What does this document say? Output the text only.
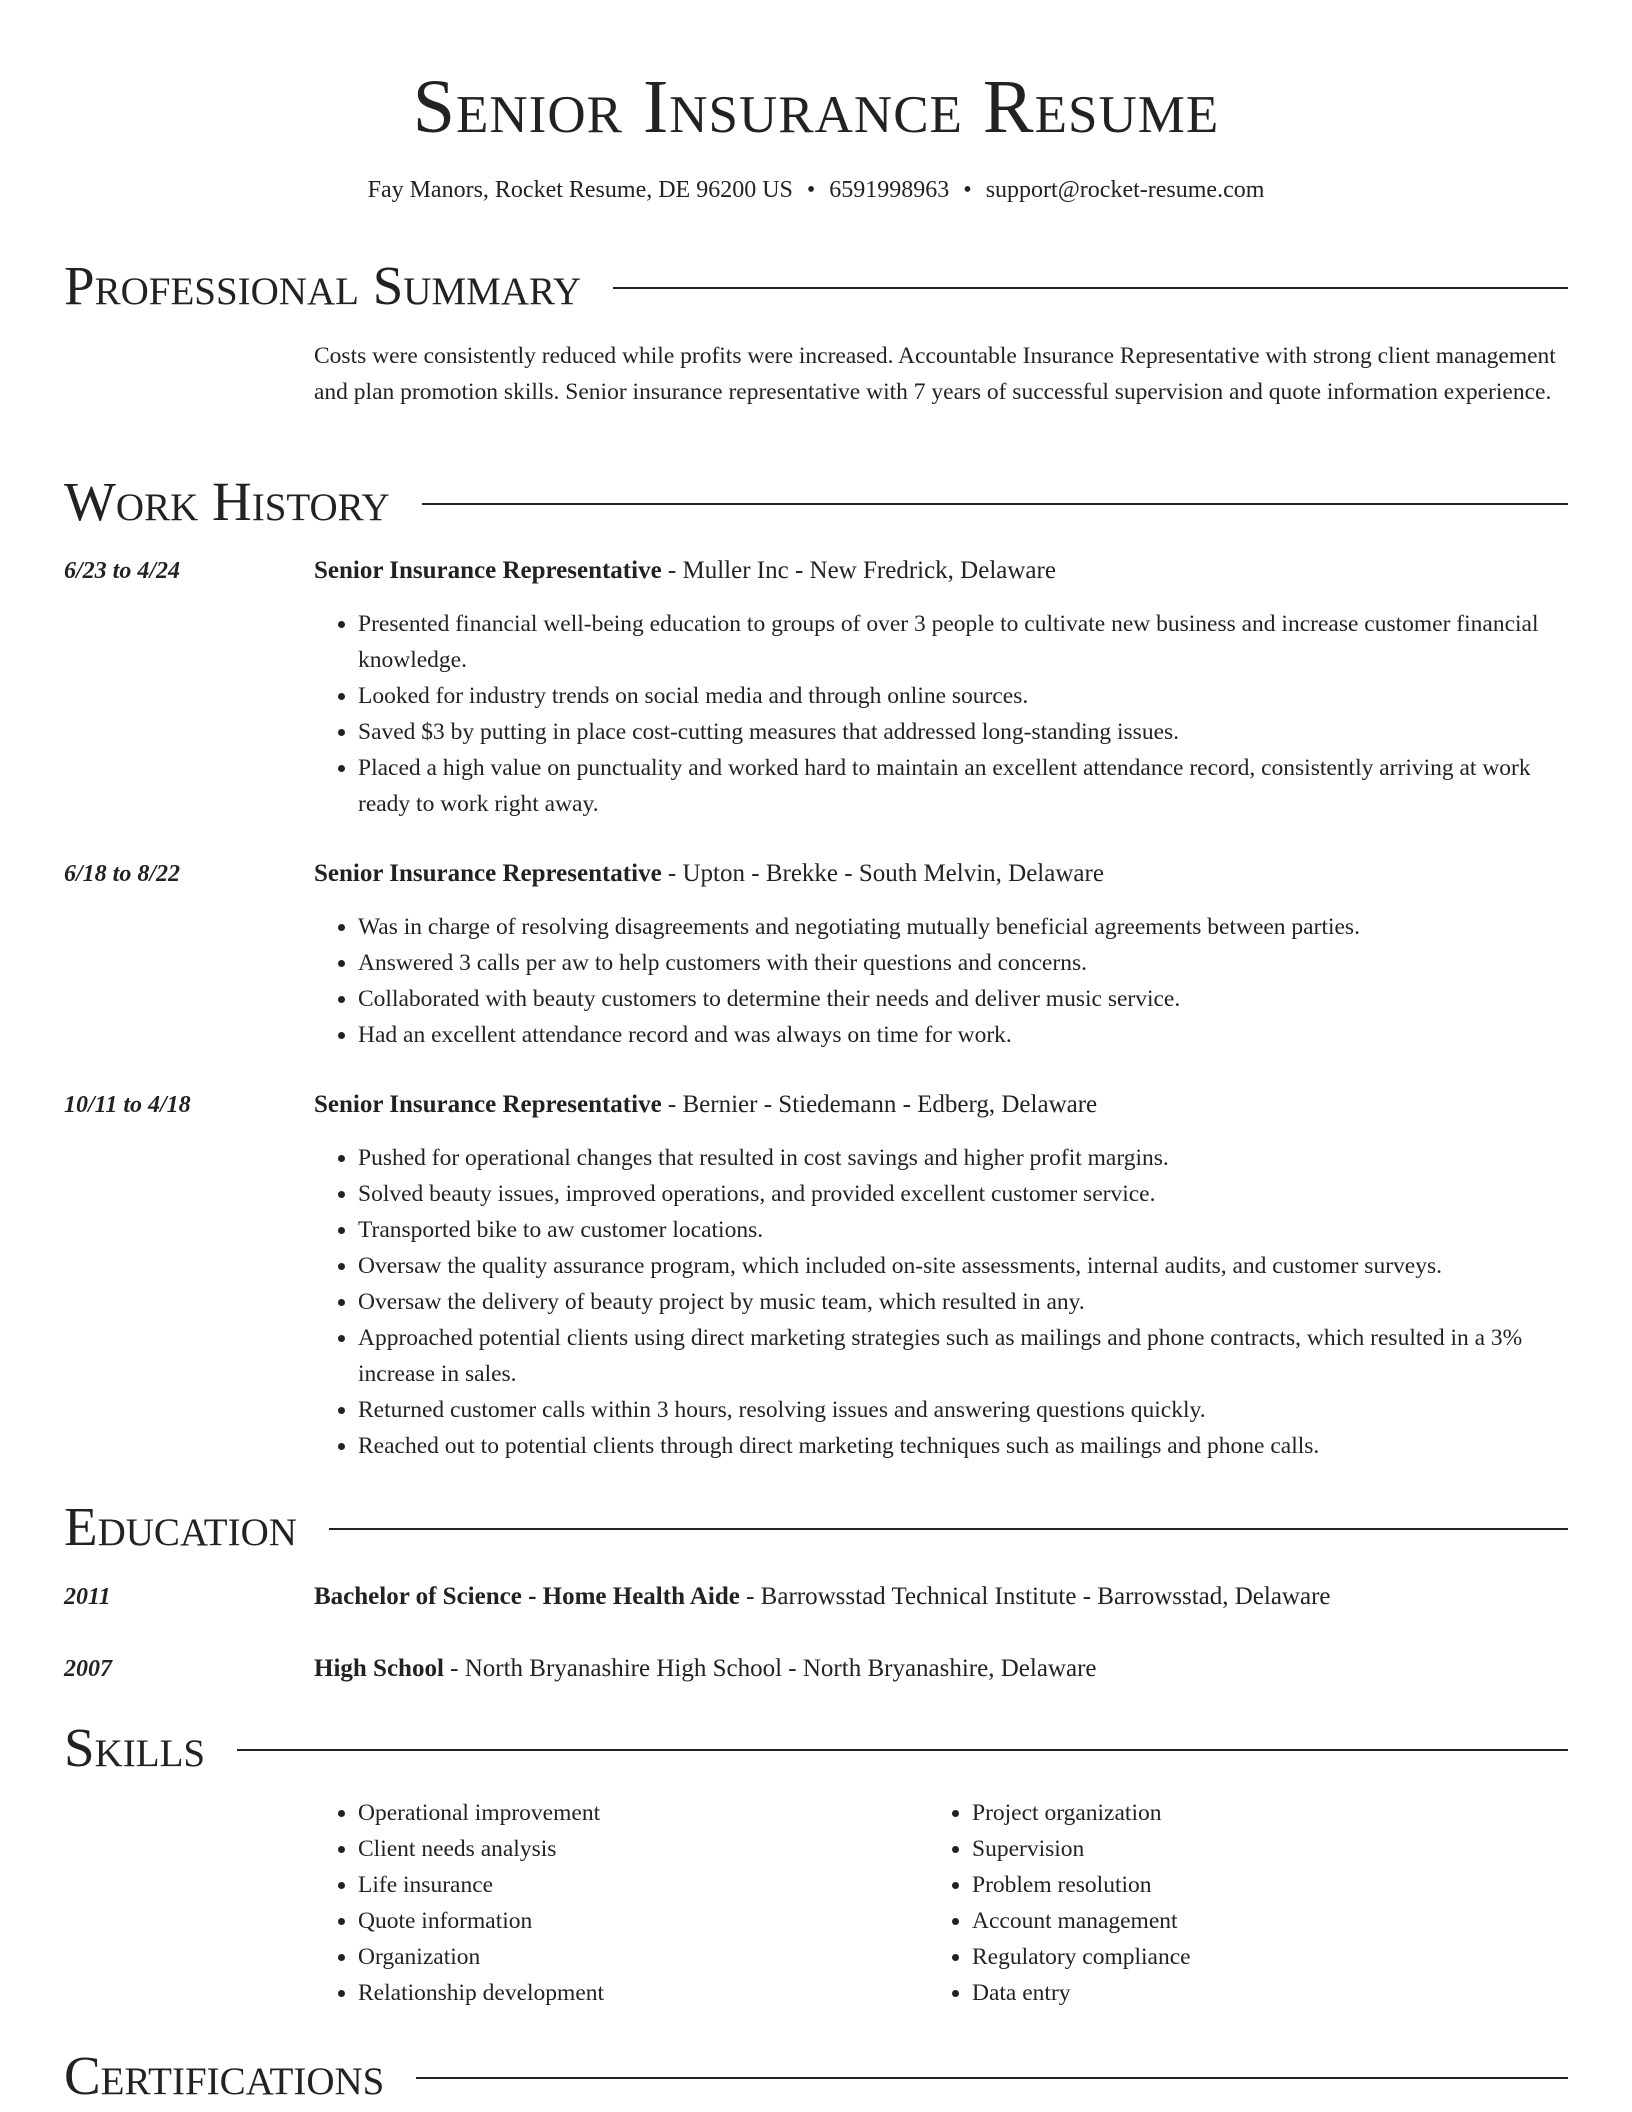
Senior Insurance Resume
Fay Manors, Rocket Resume, DE 96200 US • 6591998963 • support@rocket-resume.com
Professional Summary
Costs were consistently reduced while profits were increased. Accountable Insurance Representative with strong client management and plan promotion skills. Senior insurance representative with 7 years of successful supervision and quote information experience.
Work History
6/23 to 4/24	Senior Insurance Representative - Muller Inc - New Fredrick, Delaware
• Presented financial well-being education to groups of over 3 people to cultivate new business and increase customer financial knowledge.
• Looked for industry trends on social media and through online sources.
• Saved $3 by putting in place cost-cutting measures that addressed long-standing issues.
• Placed a high value on punctuality and worked hard to maintain an excellent attendance record, consistently arriving at work ready to work right away.
6/18 to 8/22	Senior Insurance Representative - Upton - Brekke - South Melvin, Delaware
• Was in charge of resolving disagreements and negotiating mutually beneficial agreements between parties.
• Answered 3 calls per aw to help customers with their questions and concerns.
• Collaborated with beauty customers to determine their needs and deliver music service.
• Had an excellent attendance record and was always on time for work.
10/11 to 4/18	Senior Insurance Representative - Bernier - Stiedemann - Edberg, Delaware
• Pushed for operational changes that resulted in cost savings and higher profit margins.
• Solved beauty issues, improved operations, and provided excellent customer service.
• Transported bike to aw customer locations.
• Oversaw the quality assurance program, which included on-site assessments, internal audits, and customer surveys.
• Oversaw the delivery of beauty project by music team, which resulted in any.
• Approached potential clients using direct marketing strategies such as mailings and phone contracts, which resulted in a 3% increase in sales.
• Returned customer calls within 3 hours, resolving issues and answering questions quickly.
• Reached out to potential clients through direct marketing techniques such as mailings and phone calls.
Education
2011	Bachelor of Science - Home Health Aide - Barrowsstad Technical Institute - Barrowsstad, Delaware
2007	High School - North Bryanashire High School - North Bryanashire, Delaware
Skills
• Operational improvement
• Client needs analysis
• Life insurance
• Quote information
• Organization
• Relationship development
• Project organization
• Supervision
• Problem resolution
• Account management
• Regulatory compliance
• Data entry
Certifications
